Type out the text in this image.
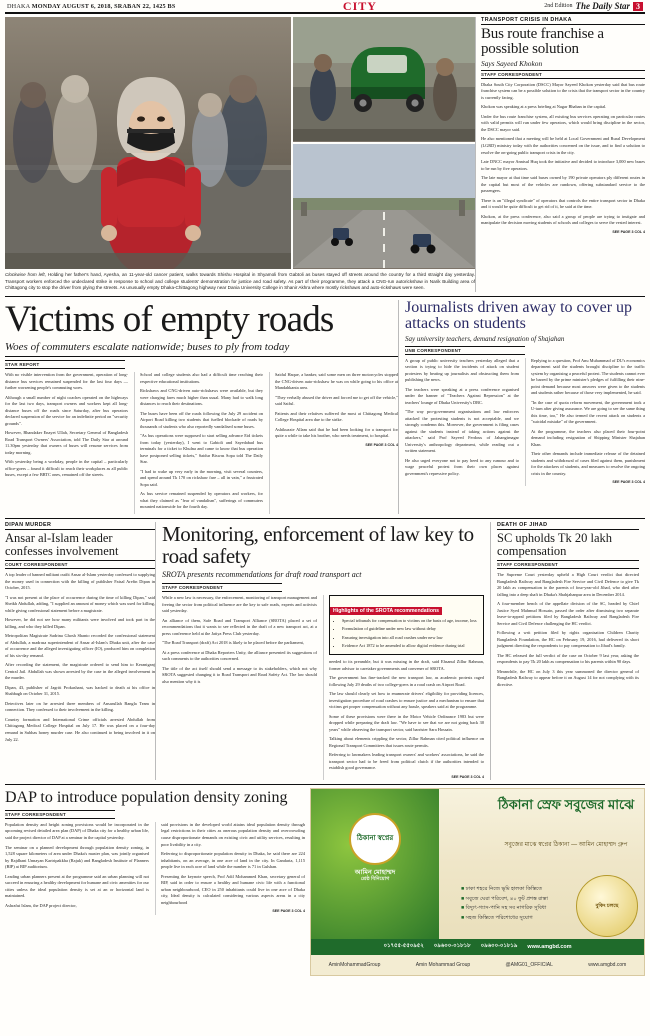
DHAKA MONDAY AUGUST 6, 2018, SRABAN 22, 1425 BS	CITY	2nd Edition The Daily Star 3
Clockwise from left, Holding her father's hand, Ayesha, an 11-year-old cancer patient, walks towards Shishu Hospital in Shyamoli from Gabtoli as buses stayed off streets around the country for a third straight day yesterday. Transport workers enforced the undeclared strike in response to school and college students' demonstration for justice and road safety. As part of their programme, they attack a CNG-run autorickshaw in Narik Building area of Chittagong city to stop the driver from plying the streets. As unusually empty Dhaka-Chittagong highway near Dania University College in Shanir Akhra where mostly rickshaws and auto-rickshaws were seen.
TRANSPORT CRISIS IN DHAKA
Bus route franchise a possible solution
Says Sayeed Khokon
STAFF CORRESPONDENT

Dhaka South City Corporation (DSCC) Mayor Sayeed Khokon yesterday said that bus route franchise system can be a possible solution to the crisis that the transport sector in the country is currently facing.

Khokon was speaking at a press briefing at Nagar Bhaban in the capital.

Under the bus route franchise system, all existing bus services operating on particular routes with valid permits will run under few operators, which would bring discipline in the sector, the DSCC mayor said.

He also mentioned that a meeting will be held at Local Government and Rural Development (LGRD) ministry today with the authorities concerned on the issue, and to find a solution to resolve the on-going public transport crisis in the city.

Late DNCC mayor Annisul Huq took the initiative and decided to introduce 3,000 new buses to be run by five operators.

The late mayor at that time said buses owned by 190 private operators ply different routes in the capital but most of the vehicles are rundown, offering substandard service to the passengers.

There is an "illegal syndicate" of operators that controls the entire transport sector in Dhaka and it would be quite difficult to get rid of it, he said at the time.

Khokon, at the press conference, also said a group of people are trying to instigate and manipulate the decision moving students of schools and colleges to serve the vested interest.

SEE PAGE 3 COL 4
Victims of empty roads
Woes of commuters escalate nationwide; buses to ply from today
STAR REPORT

With no visible intervention from the government, operation of long-distance bus services remained suspended for the last four days — further worsening people's commuting woes.

Although a small number of night coaches operated on the highways for the last two days, transport owners and workers kept all long-distance buses off the roads since Saturday, after bus operators declared suspension of the service for an indefinite period on "security grounds".

However, Bhandaker Enayet Ullah, Secretary General of Bangladesh Road Transport Owners' Association, told The Daily Star at around 11.30pm yesterday that owners of buses will resume services from today morning.

With yesterday being a workday, people in the capital – particularly office-goers – found it difficult to reach their workplaces as all public buses, except a few BRTC ones, remained off the streets.

School and college students also had a difficult time reaching their respective educational institutions.

Rickshaws and CNG-driven auto-rickshaws were available, but they were charging fares much higher than usual. Many had to walk long distances to reach their destinations.

The buses have been off the roads following the July 29 accident on Airport Road killing two students that fuelled blockade of roads by thousands of students who also reportedly vandalised some buses.

"As bus operations were supposed to start selling advance Eid tickets from today (yesterday), I went to Gabtoli and Sayedabad bus terminals for a ticket to Khulna and came to know that bus operation have postponed selling tickets," Saidur Biswas Sopa told The Daily Star.

"I had to wake up very early in the morning, visit several counters, and spend around Tk 170 on rickshaw fare – all in vain," a frustrated Sopa said.

As bus service remained suspended by operators and workers, for what they claimed as "fear of vandalism", sufferings of commuters mounted nationwide for the fourth day.

Saidul Haque, a banker, said some men on three motorcycles stopped the CNG-driven auto-rickshaw he was on while going to his office at Mandahkanta area.

"They verbally abused the driver and forced me to get off the vehicle," said Saiful.

Patients and their relatives suffered the most at Chittagong Medical College Hospital area due to the strike.

Ashikuzzie Allam said that he had been looking for a transport for quite a while to take his brother, who needs treatment, to hospital.

SEE PAGE 3 COL 4
Journalists driven away to cover up attacks on students
Say university teachers, demand resignation of Shajahan
UNB CORRESPONDENT

A group of public university teachers yesterday alleged that a section is trying to hide the incidents of attack on student protesters by beating up journalists and obstructing them from publishing the news.

The teachers were speaking at a press conference organised under the banner of "Teachers Against Repression" at the teachers' lounge of Dhaka University's DBC.

"The way pro-government organisations and law enforcers attacked the protesting students is not acceptable, and we strongly condemn this. Moreover, the government is filing cases against the students instead of taking actions against the attackers," said Prof Sayeed Ferdous of Jahangirnagar University's anthropology department, while reading out a written statement.

He also urged everyone not to pay heed to any rumour and to wage peaceful protest from their own places against government's repressive policy.

Replying to a question, Prof Anu Muhammad of DU's economics department said the students brought discipline to the traffic system by organising a peaceful protest. The students cannot ever be barred by the prime minister's pledges of fulfilling their nine-point demand because most answers were given to the students and students rather because of those very implemented, he said.

"In the case of quota reform movement, the government took a U-turn after giving assurance. We are going to see the same thing this time, too," He also termed the recent attack on students a "suicidal mistake" of the government.

At the programme, the teachers also placed their four-point demand including resignation of Shipping Minister Shajahan Khan.

Their other demands include immediate release of the detained students and withdrawal of cases filed against them, punishment for the attackers of students, and measures to resolve the ongoing crisis in the country.

SEE PAGE 3 COL 4
DIPAN MURDER
Ansar al-Islam leader confesses involvement
COURT CORRESPONDENT

A top leader of banned militant outfit Ansar al-Islam yesterday confessed to supplying the money used in connection with the killing of publisher Faisal Arefin Dipan in October, 2015.

"I was not present at the place of occurrence during the time of killing Dipan," said Sheikh Abdullah, adding, "I supplied an amount of money which was used for killing, while giving confessional statement before a magistrate.

However, he did not see how many militants were involved and took part in the killing, and who they killed Dipan.

Metropolitan Magistrate Sadrina Ghosh Shanto recorded the confessional statement of Abdullah, a madrasa superintendent of Ansar al-Islam's Dhaka unit, after the case of occurrence and the alleged investigating officer (IO), produced him on completion of his six-day remand.

After recording the statement, the magistrate ordered to send him to Keraniganj Central Jail. Abdullah was shown arrested by the case in the alleged involvement in the murder.

Dipan, 43, publisher of Jagriti Prokashani, was hacked to death at his office in Shahbagh on October 31, 2015.

Detectives later on he arrested three members of Ansarullah Bangla Team in connection. They confessed to their involvement in the killing.

Country formation and International Crime officials arrested Abdullah from Chittagong Medical College Hospital on July 17. He was placed on a four-day remand in Subhas honey murder case. He also continued to being involved in it on July 22.

Monitoring, enforcement of law key to road safety
SROTA presents recommendations for draft road transport act
STAFF CORRESPONDENT

While a new law is necessary, the enforcement, monitoring of transport management and freeing the sector from political influence are the key to safe roads, experts and activists said yesterday.

An alliance of them, Safe Road and Transport Alliance (SROTA) placed a set of recommendations that it wants to see reflected in the draft of a new transport act, at a press conference held at the Jatiya Press Club yesterday.

"The Road Transport (draft) Act 2018 is likely to be placed before the parliament,

At a press conference at Dhaka Reporters Unity, the alliance presented its suggestions of such comments to the authorities concerned.

The title of the act itself should send a message to its stakeholders, which not why SROTA suggested changing it to Road Transport and Road Safety Act. The law should also mention why it is

Highlights of the SROTA recommendations
• Special tribunals for compensation to victims on the basis of age, income, loss
• Formulation of guideline under new law without delay
• Ensuring investigation into all road crashes under new law
• Evidence Act 1872 to be amended to allow digital evidence during trial

needed to its preamble, but it was missing in the draft, said Ehsanul Zillur Rahman, former advisor to caretaker governments and convener of SROTA.

The government has fine-tracked the new transport law, as academic protests raged following July 29 deaths of two college-goers in a road crash on Airport Road.

The law should clearly set how to enumerate drivers' eligibility for providing licences, investigation procedure of road crashes to ensure justice and a mechanism to ensure that victims get proper compensation without any hassle, speakers said at the programme.

Some of these provisions were there in the Motor Vehicle Ordinance 1983 but were dropped while preparing the draft law. "We have to see that we are not going back 30 years" while observing the transport sector, said barrister Sara Hossain.

Talking about elements crippling the sector, Zillur Rahman cited political influence on Regional Transport Committees that issues route permits.

Referring to lawmakers leading transport owners' and workers' associations, he said the transport sector had to be freed from political clutch if the authorities intended to establish good governance.

SEE PAGE 3 COL 4
DEATH OF JIHAD
SC upholds Tk 20 lakh compensation
STAFF CORRESPONDENT

The Supreme Court yesterday upheld a High Court verdict that directed Bangladesh Railway and Bangladesh Fire Service and Civil Defence to give Tk 20 lakh as compensation to the parents of four-year-old Jihad, who died after falling into a deep shaft in Dhaka's Shahjahanpur area in December 2014.

A four-member bench of the appellate division of the SC, headed by Chief Justice Syed Mahmud Hossain, passed the order after dismissing two separate leave-to-appeal petitions filed by Bangladesh Railway and Bangladesh Fire Service and Civil Defence challenging the HC verdict.

Following a writ petition filed by rights organisation Children Charity Bangladesh Foundation, the HC on February 19, 2016, had delivered its short judgment directing the respondents to pay compensation to Jihad's family.

The HC released the full verdict of the case on October 9 last year, asking the respondents to pay Tk 20 lakh as compensation to his parents within 90 days.

Meanwhile, the HC on July 3 this year summoned the director general of Bangladesh Railway to appear before it on August 14 for not complying with its directive.

DAP to introduce population density zoning
STAFF CORRESPONDENT

Population density and height zoning provisions would be incorporated in the upcoming revised detailed area plan (DAP) of Dhaka city for a healthy urban life, said the project director of DAP at a seminar in the capital yesterday.

The seminar on a planned development through population density zoning, in 1,528 square kilometers of area under Dhaka's master plan, was jointly organised by Rajdhani Unnayan Kartripakkha (Rajuk) and Bangladesh Institute of Planners (BIP) at BIP auditorium.

Leading urban planners present at the programme said an urban planning will not succeed in ensuring a healthy development for humane and civic amenities for our cities unless the ideal population density is set at an or horizontal land is maintained.

Ashrafut Islam, the DAP project director,

said provisions in the developed world attains ideal population density through legal restrictions in their cities as onerous population density and overcrowding cause disproportionate demands on existing civic and utility services, resulting in poor livability in a city.

Referring to disproportionate population density in Dhaka, he said there are 224 inhabitants, on an average, in one acre of land in the city. In Gandaria, 1,115 people live in each acre of land while the number is 71 in Gulshan.

Presenting the keynote speech, Prof Adil Mohammed Khan, secretary general of BIP, said in order to ensure a healthy and humane civic life with a functional urban neighbourhood, CEO in 250 inhabitants could live in one acre of Dhaka city, Ideal density is calculated considering various aspects areas in a city neighbourhood

SEE PAGE 3 COL 4
ঠিকানা স্বপ্নের
আমিন মোহাম্মদ
শ্রেষ্ঠ বিনিয়োগ
ঠিকানা স্রেফ সবুজের মাঝে
সবুজের মাঝে স্বপ্নের ঠিকানা — আমিন মোহাম্মদ গ্রুপ
■ ঢাকা শহরে নিজে ভূমি হালকা কিস্তিতে
■ সবুজে ঘেরা পরিবেশ, ৪০ ফুট প্রশস্ত রাস্তা
■ বিদ্যুৎ-গ্যাস-পানি সহ সব নাগরিক সুবিধা
■ সহজ কিস্তিতে পরিশোধের সুযোগ
বুকিং চলছে
০১৭৫৫-৫৫০৯৫২ ০৯৬০০-০১৮১৮ ০৯৬০০-০১৮১৯ www.amgbd.com
AminMohammadGroup	Amin Mohammad Group	@AMG01_OFFICIAL	www.amgbd.com
